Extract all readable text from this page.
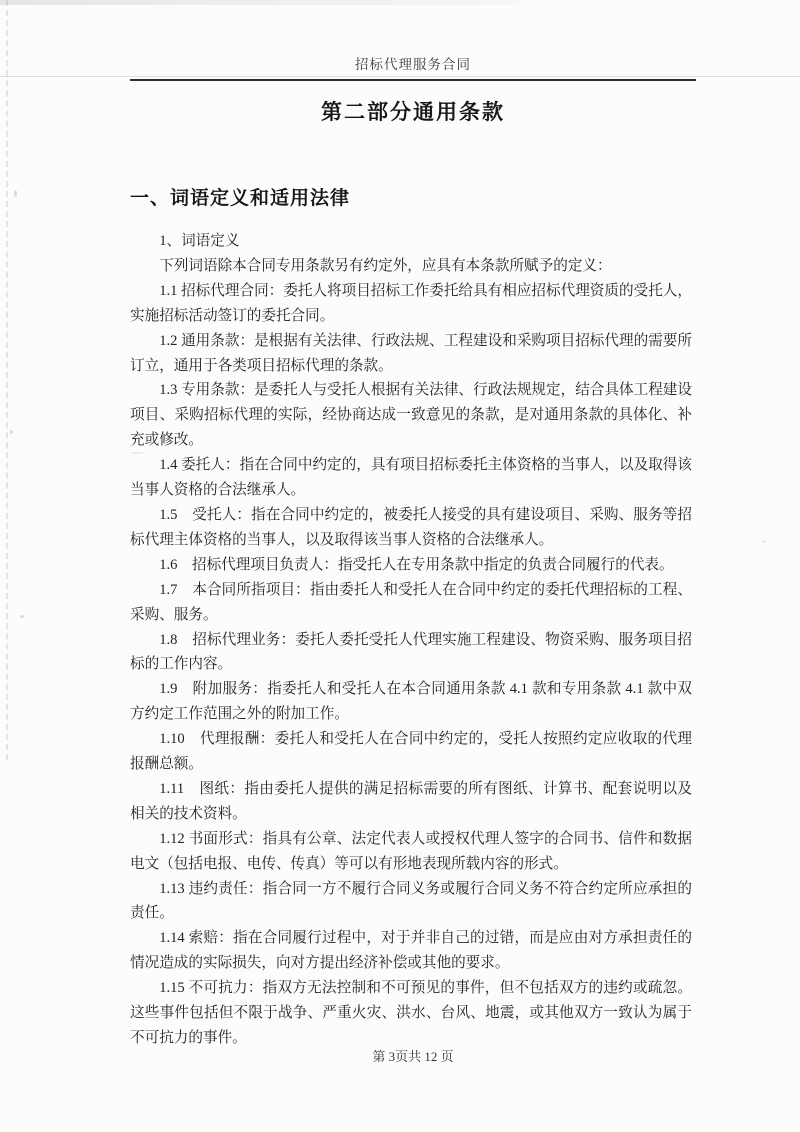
招标代理服务合同
第二部分通用条款
一、词语定义和适用法律

1、词语定义

下列词语除本合同专用条款另有约定外，应具有本条款所赋予的定义：

1.1 招标代理合同：委托人将项目招标工作委托给具有相应招标代理资质的受托人，实施招标活动签订的委托合同。

1.2 通用条款：是根据有关法律、行政法规、工程建设和采购项目招标代理的需要所订立，通用于各类项目招标代理的条款。

1.3 专用条款：是委托人与受托人根据有关法律、行政法规规定，结合具体工程建设项目、采购招标代理的实际，经协商达成一致意见的条款，是对通用条款的具体化、补充或修改。

1.4 委托人：指在合同中约定的，具有项目招标委托主体资格的当事人，以及取得该当事人资格的合法继承人。

1.5　受托人：指在合同中约定的，被委托人接受的具有建设项目、采购、服务等招标代理主体资格的当事人，以及取得该当事人资格的合法继承人。

1.6　招标代理项目负责人：指受托人在专用条款中指定的负责合同履行的代表。

1.7　本合同所指项目：指由委托人和受托人在合同中约定的委托代理招标的工程、采购、服务。

1.8　招标代理业务：委托人委托受托人代理实施工程建设、物资采购、服务项目招标的工作内容。

1.9　附加服务：指委托人和受托人在本合同通用条款 4.1 款和专用条款 4.1 款中双方约定工作范围之外的附加工作。

1.10　代理报酬：委托人和受托人在合同中约定的，受托人按照约定应收取的代理报酬总额。

1.11　图纸：指由委托人提供的满足招标需要的所有图纸、计算书、配套说明以及相关的技术资料。

1.12 书面形式：指具有公章、法定代表人或授权代理人签字的合同书、信件和数据电文（包括电报、电传、传真）等可以有形地表现所载内容的形式。

1.13 违约责任：指合同一方不履行合同义务或履行合同义务不符合约定所应承担的责任。

1.14 索赔：指在合同履行过程中，对于并非自己的过错，而是应由对方承担责任的情况造成的实际损失，向对方提出经济补偿或其他的要求。

1.15 不可抗力：指双方无法控制和不可预见的事件，但不包括双方的违约或疏忽。这些事件包括但不限于战争、严重火灾、洪水、台风、地震，或其他双方一致认为属于不可抗力的事件。

第 3页共 12 页
